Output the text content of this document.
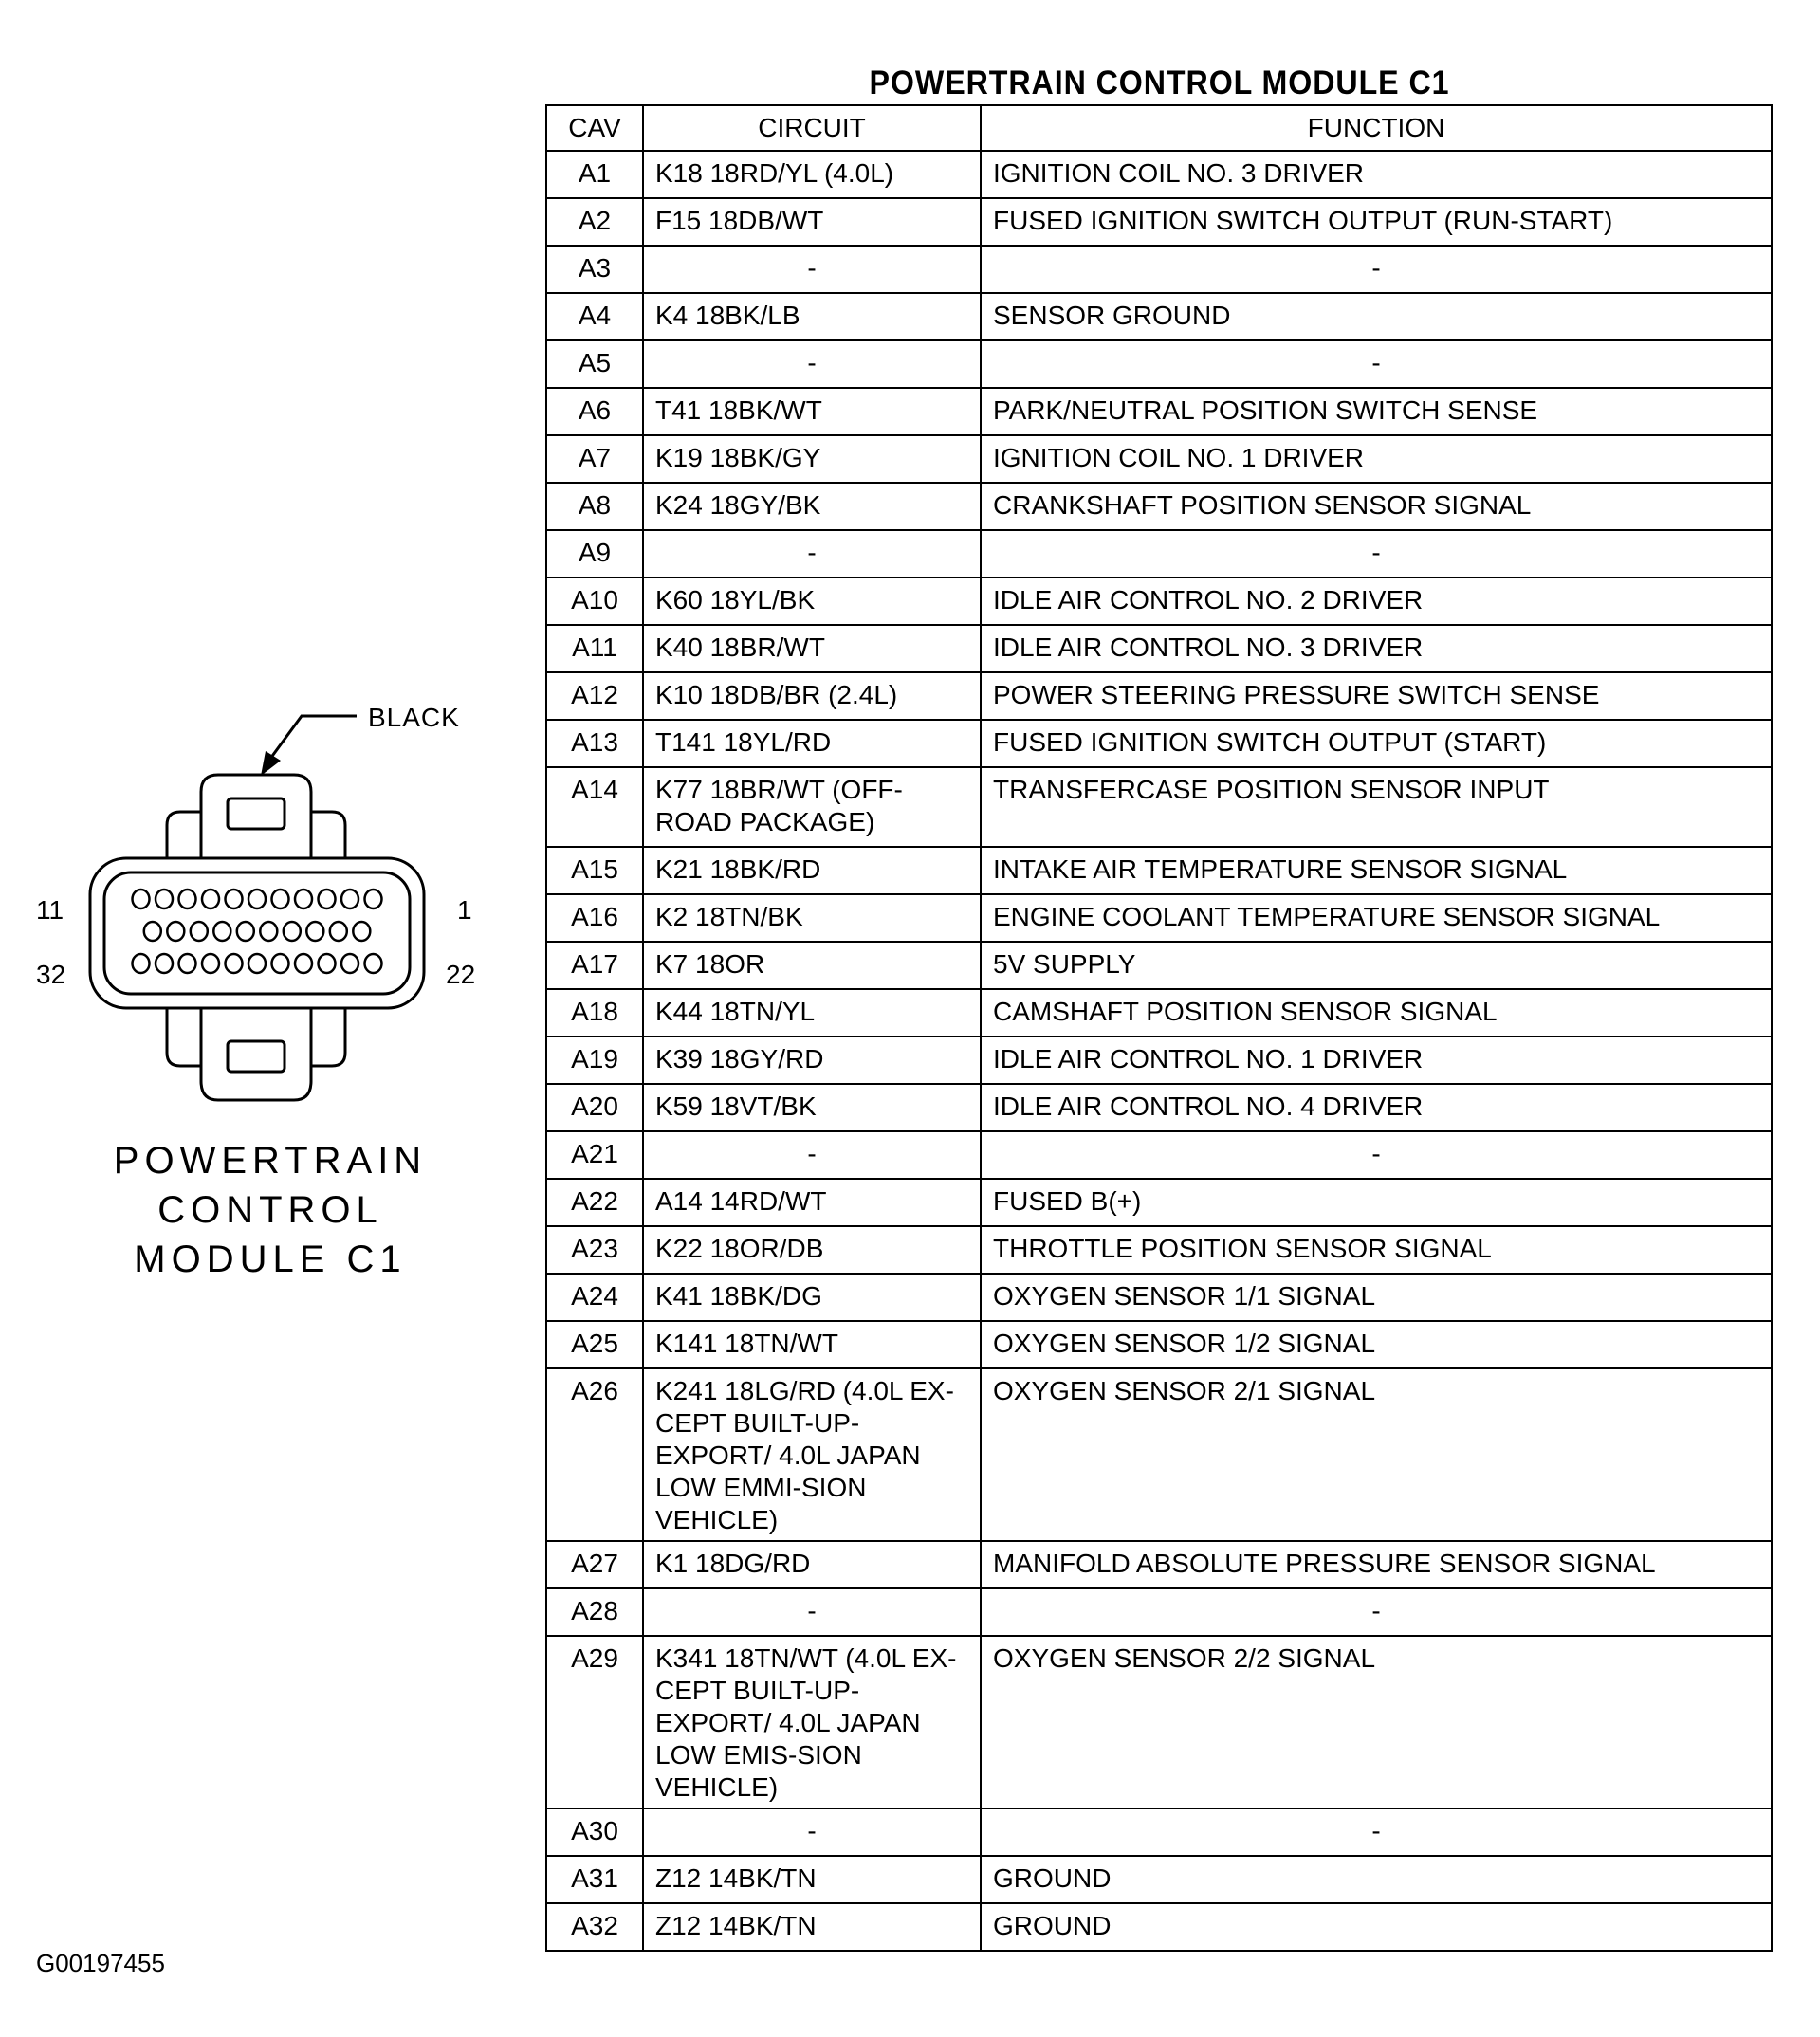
BLACK
11	1
32	22
POWERTRAIN
CONTROL
MODULE C1
POWERTRAIN CONTROL MODULE C1
CAV	CIRCUIT	FUNCTION
A1	K18 18RD/YL (4.0L)	IGNITION COIL NO. 3 DRIVER
A2	F15 18DB/WT	FUSED IGNITION SWITCH OUTPUT (RUN-START)
A3	-	-
A4	K4 18BK/LB	SENSOR GROUND
A5	-	-
A6	T41 18BK/WT	PARK/NEUTRAL POSITION SWITCH SENSE
A7	K19 18BK/GY	IGNITION COIL NO. 1 DRIVER
A8	K24 18GY/BK	CRANKSHAFT POSITION SENSOR SIGNAL
A9	-	-
A10	K60 18YL/BK	IDLE AIR CONTROL NO. 2 DRIVER
A11	K40 18BR/WT	IDLE AIR CONTROL NO. 3 DRIVER
A12	K10 18DB/BR (2.4L)	POWER STEERING PRESSURE SWITCH SENSE
A13	T141 18YL/RD	FUSED IGNITION SWITCH OUTPUT (START)
A14	K77 18BR/WT (OFF-ROAD PACKAGE)	TRANSFERCASE POSITION SENSOR INPUT
A15	K21 18BK/RD	INTAKE AIR TEMPERATURE SENSOR SIGNAL
A16	K2 18TN/BK	ENGINE COOLANT TEMPERATURE SENSOR SIGNAL
A17	K7 18OR	5V SUPPLY
A18	K44 18TN/YL	CAMSHAFT POSITION SENSOR SIGNAL
A19	K39 18GY/RD	IDLE AIR CONTROL NO. 1 DRIVER
A20	K59 18VT/BK	IDLE AIR CONTROL NO. 4 DRIVER
A21	-	-
A22	A14 14RD/WT	FUSED B(+)
A23	K22 18OR/DB	THROTTLE POSITION SENSOR SIGNAL
A24	K41 18BK/DG	OXYGEN SENSOR 1/1 SIGNAL
A25	K141 18TN/WT	OXYGEN SENSOR 1/2 SIGNAL
A26	K241 18LG/RD (4.0L EX-CEPT BUILT-UP-EXPORT/ 4.0L JAPAN LOW EMMI-SION VEHICLE)	OXYGEN SENSOR 2/1 SIGNAL
A27	K1 18DG/RD	MANIFOLD ABSOLUTE PRESSURE SENSOR SIGNAL
A28	-	-
A29	K341 18TN/WT (4.0L EX-CEPT BUILT-UP-EXPORT/ 4.0L JAPAN LOW EMIS-SION VEHICLE)	OXYGEN SENSOR 2/2 SIGNAL
A30	-	-
A31	Z12 14BK/TN	GROUND
A32	Z12 14BK/TN	GROUND
G00197455
